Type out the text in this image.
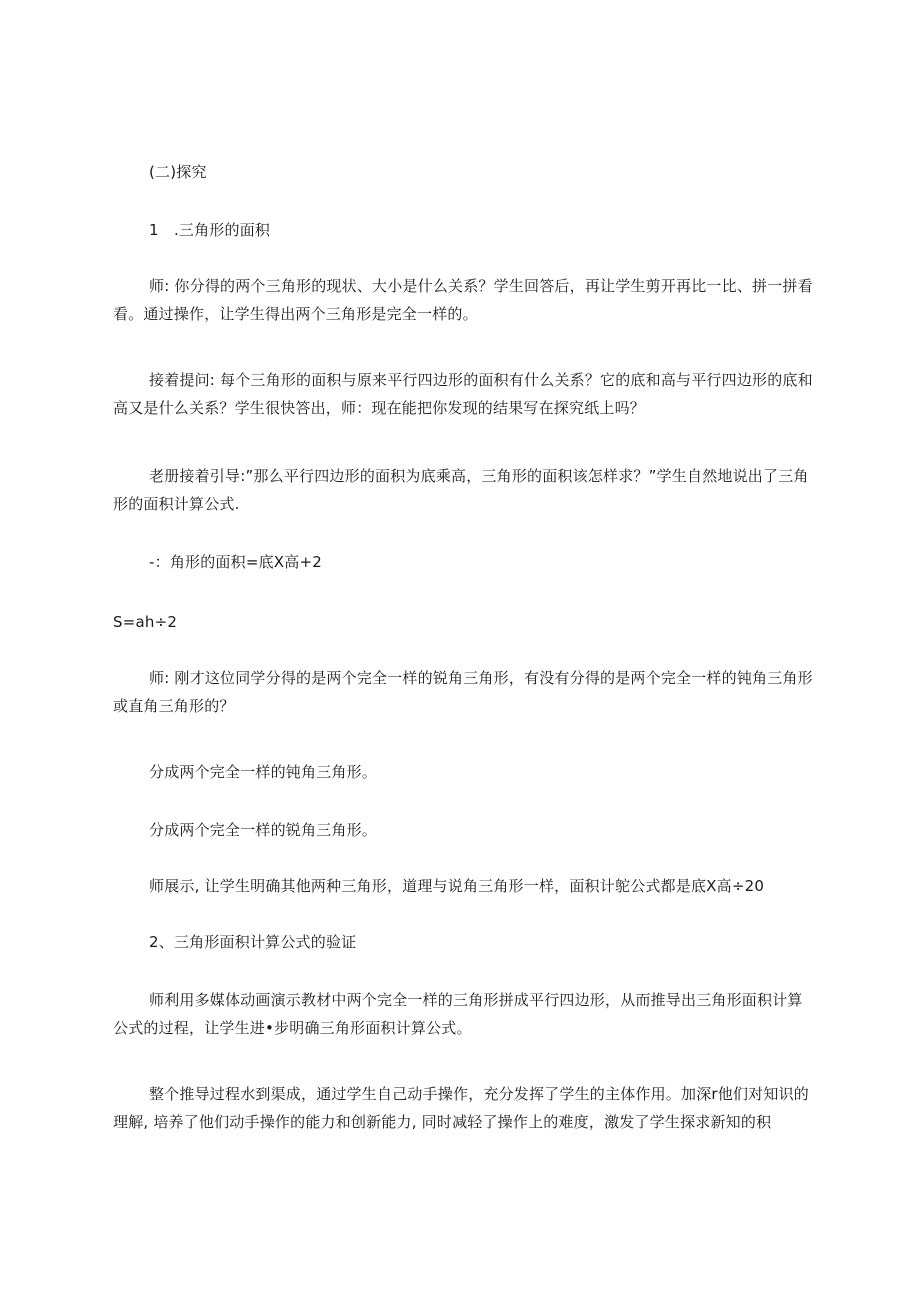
(二)探究

1　.三角形的面积

师: 你分得的两个三角形的现状、大小是什么关系？学生回答后，再让学生剪开再比一比、拼一拼看看。通过操作，让学生得出两个三角形是完全一样的。

接着提问: 每个三角形的面积与原来平行四边形的面积有什么关系？它的底和高与平行四边形的底和高又是什么关系？学生很快答出，师：现在能把你发现的结果写在探究纸上吗？

老册接着引导:”那么平行四边形的面积为底乘高，三角形的面积该怎样求？”学生自然地说出了三角形的面积计算公式.

-：角形的面积=底X高+2

S=ah÷2

师: 刚才这位同学分得的是两个完全一样的锐角三角形，有没有分得的是两个完全一样的钝角三角形或直角三角形的？

分成两个完全一样的钝角三角形。

分成两个完全一样的锐角三角形。

师展示, 让学生明确其他两种三角形，道理与说角三角形一样，面积计鸵公式都是底X高÷20

2、三角形面积计算公式的验证

师利用多媒体动画演示教材中两个完全一样的三角形拼成平行四边形，从而推导出三角形面积计算公式的过程，让学生进•步明确三角形面积计算公式。

整个推导过程水到渠成，通过学生自己动手操作，充分发挥了学生的主体作用。加深r他们对知识的理解, 培养了他们动手操作的能力和创新能力, 同时减轻了操作上的难度，激发了学生探求新知的积
